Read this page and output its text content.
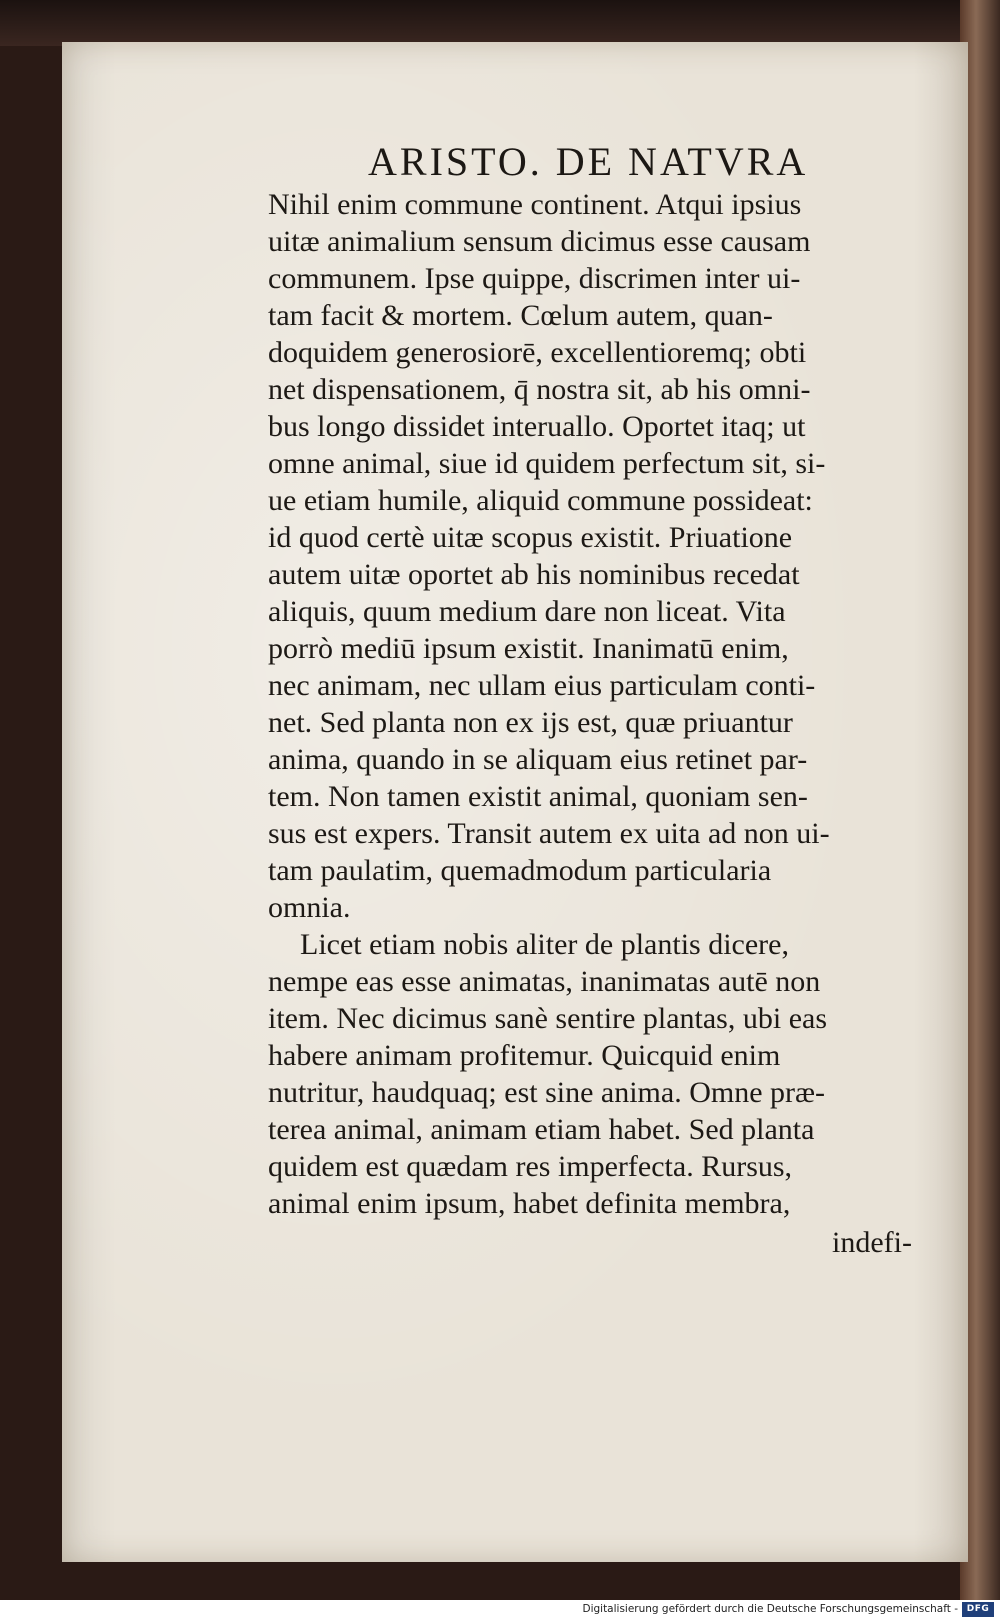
ARISTO. DE NATVRA
Nihil enim commune continent. Atqui ipsius
uitæ animalium sensum dicimus esse causam
communem. Ipse quippe, discrimen inter ui-
tam facit & mortem. Cœlum autem, quan-
doquidem generosiorē, excellentioremq; obti
net dispensationem, q̄ nostra sit, ab his omni-
bus longo dissidet interuallo. Oportet itaq; ut
omne animal, siue id quidem perfectum sit, si-
ue etiam humile, aliquid commune possideat:
id quod certè uitæ scopus existit. Priuatione
autem uitæ oportet ab his nominibus recedat
aliquis, quum medium dare non liceat. Vita
porrò mediū ipsum existit. Inanimatū enim,
nec animam, nec ullam eius particulam conti-
net. Sed planta non ex ijs est, quæ priuantur
anima, quando in se aliquam eius retinet par-
tem. Non tamen existit animal, quoniam sen-
sus est expers. Transit autem ex uita ad non ui-
tam paulatim, quemadmodum particularia
omnia.
Licet etiam nobis aliter de plantis dicere,
nempe eas esse animatas, inanimatas autē non
item. Nec dicimus sanè sentire plantas, ubi eas
habere animam profitemur. Quicquid enim
nutritur, haudquaq; est sine anima. Omne præ-
terea animal, animam etiam habet. Sed planta
quidem est quædam res imperfecta. Rursus,
animal enim ipsum, habet definita membra,
indefi-
Digitalisierung gefördert durch die Deutsche Forschungsgemeinschaft - DFG
